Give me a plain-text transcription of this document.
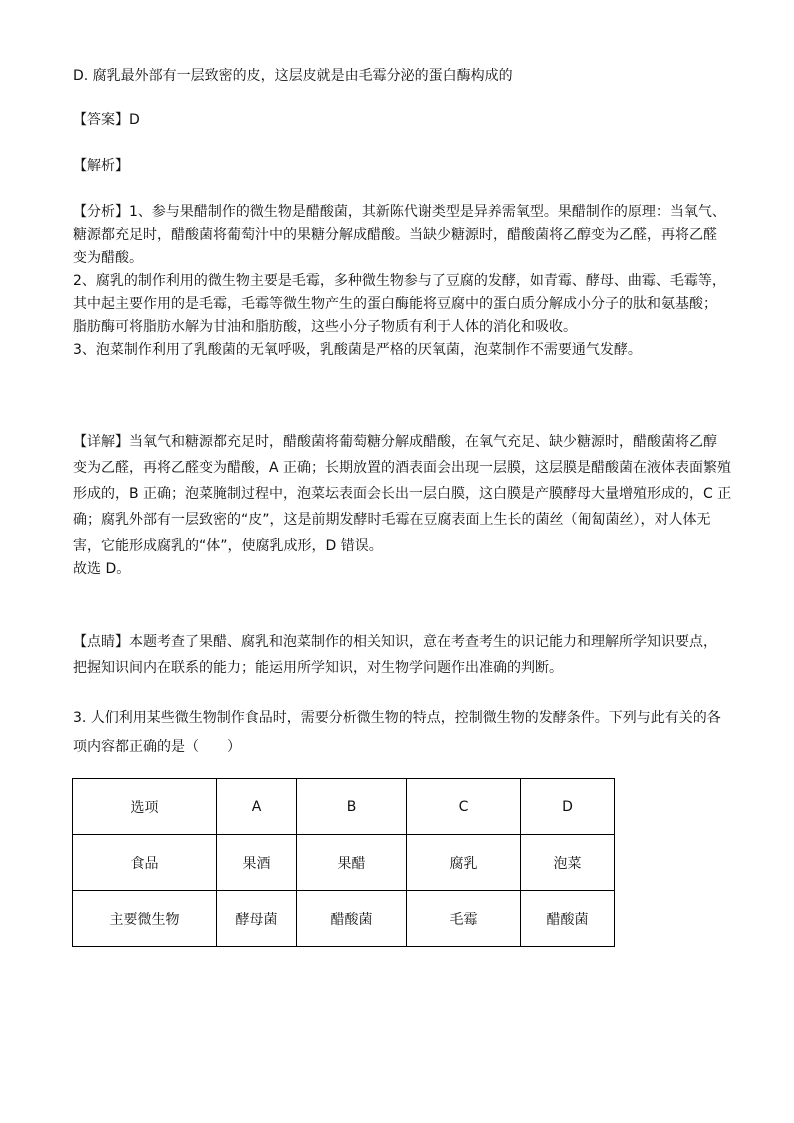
D. 腐乳最外部有一层致密的皮，这层皮就是由毛霉分泌的蛋白酶构成的
【答案】D
【解析】
【分析】1、参与果醋制作的微生物是醋酸菌，其新陈代谢类型是异养需氧型。果醋制作的原理：当氧气、
糖源都充足时，醋酸菌将葡萄汁中的果糖分解成醋酸。当缺少糖源时，醋酸菌将乙醇变为乙醛，再将乙醛
变为醋酸。
2、腐乳的制作利用的微生物主要是毛霉，多种微生物参与了豆腐的发酵，如青霉、酵母、曲霉、毛霉等，
其中起主要作用的是毛霉，毛霉等微生物产生的蛋白酶能将豆腐中的蛋白质分解成小分子的肽和氨基酸；
脂肪酶可将脂肪水解为甘油和脂肪酸，这些小分子物质有利于人体的消化和吸收。
3、泡菜制作利用了乳酸菌的无氧呼吸，乳酸菌是严格的厌氧菌，泡菜制作不需要通气发酵。
【详解】当氧气和糖源都充足时，醋酸菌将葡萄糖分解成醋酸，在氧气充足、缺少糖源时，醋酸菌将乙醇
变为乙醛，再将乙醛变为醋酸，A 正确；长期放置的酒表面会出现一层膜，这层膜是醋酸菌在液体表面繁殖
形成的，B 正确；泡菜腌制过程中，泡菜坛表面会长出一层白膜，这白膜是产膜酵母大量增殖形成的，C 正
确；腐乳外部有一层致密的“皮”，这是前期发酵时毛霉在豆腐表面上生长的菌丝（匍匐菌丝），对人体无
害，它能形成腐乳的“体”，使腐乳成形，D 错误。
故选 D。
【点睛】本题考查了果醋、腐乳和泡菜制作的相关知识，意在考查考生的识记能力和理解所学知识要点，
把握知识间内在联系的能力；能运用所学知识，对生物学问题作出准确的判断。
3. 人们利用某些微生物制作食品时，需要分析微生物的特点，控制微生物的发酵条件。下列与此有关的各
项内容都正确的是（　　）
选项	A	B	C	D
食品	果酒	果醋	腐乳	泡菜
主要微生物	酵母菌	醋酸菌	毛霉	醋酸菌
